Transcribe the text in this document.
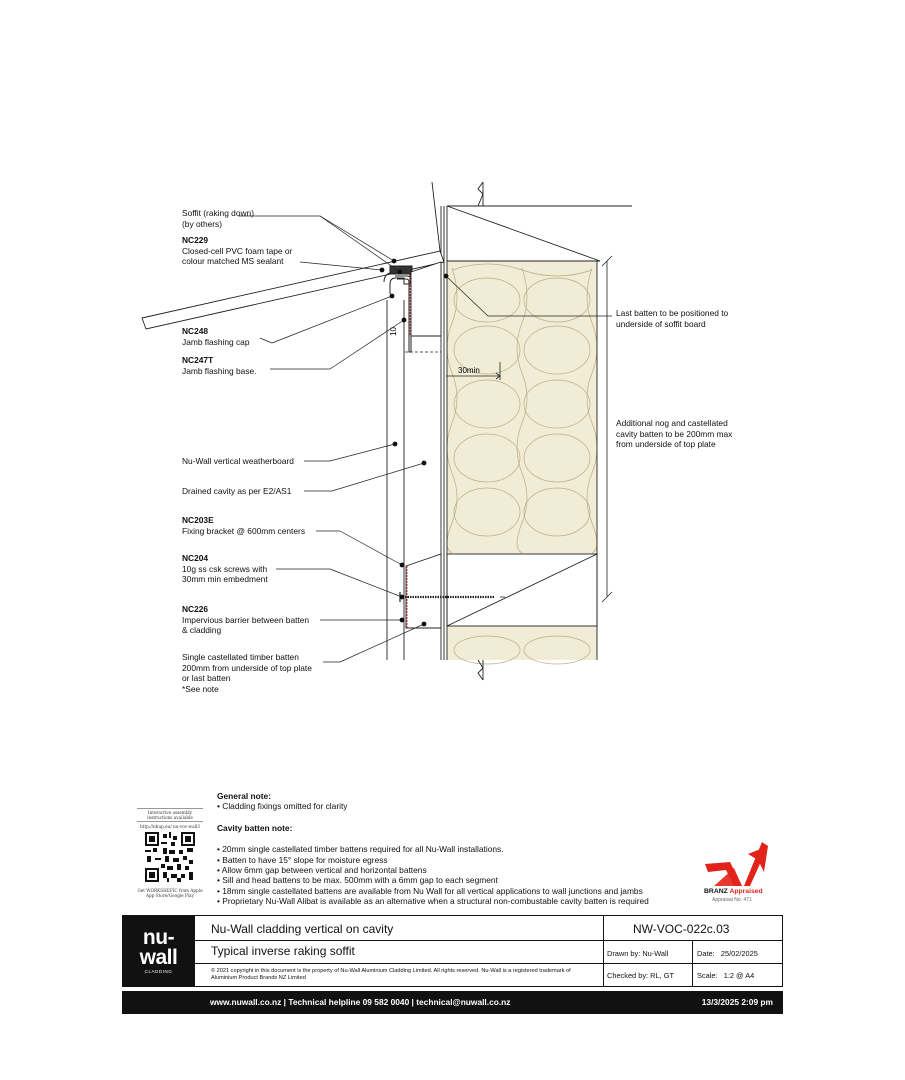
10
30min
Soffit (raking down)
(by others)
NC229
Closed-cell PVC foam tape or
colour matched MS sealant
NC248
Jamb flashing cap
NC247T
Jamb flashing base.
Nu-Wall vertical weatherboard
Drained cavity as per E2/AS1
NC203E
Fixing bracket @ 600mm centers
NC204
10g ss csk screws with
30mm min embedment
NC226
Impervious barrier between batten
& cladding
Single castellated timber batten
200mm from underside of top plate
or last batten
*See note
Last batten to be positioned to
underside of soffit board
Additional nog and castellated
cavity batten to be 200mm max
from underside of top plate
General note:
• Cladding fixings omitted for clarity
Cavity batten note:
• 20mm single castellated timber battens required for all Nu-Wall installations.
• Batten to have 15° slope for moisture egress
• Allow 6mm gap between vertical and horizontal battens
• Sill and head battens to be max. 500mm with a 6mm gap to each segment
• 18mm single castellated battens are available from Nu Wall for all vertical applications to wall junctions and jambs
• Proprietary Nu-Wall Alibat is available as an alternative when a structural non-combustable cavity batten is required
Interactive assembly instructions available
http://nhup.eu/ nu-voc-wall3
Get WORKSHEFIC from Apple App Store/Google Play
BRANZ Appraised
Appraisal No. 471
nu-
wall
CLADDING
Nu-Wall cladding vertical on cavity
Typical inverse raking soffit
© 2021 copyright in this document is the property of Nu-Wall Aluminium Cladding Limited. All rights reserved. Nu-Wall is a registered trademark of Aluminium Product Brands NZ Limited
NW-VOC-022c.03
Drawn by: Nu-Wall	Date: 25/02/2025
Checked by: RL, GT	Scale: 1:2 @ A4
www.nuwall.co.nz | Technical helpline 09 582 0040 | technical@nuwall.co.nz	13/3/2025 2:09 pm
